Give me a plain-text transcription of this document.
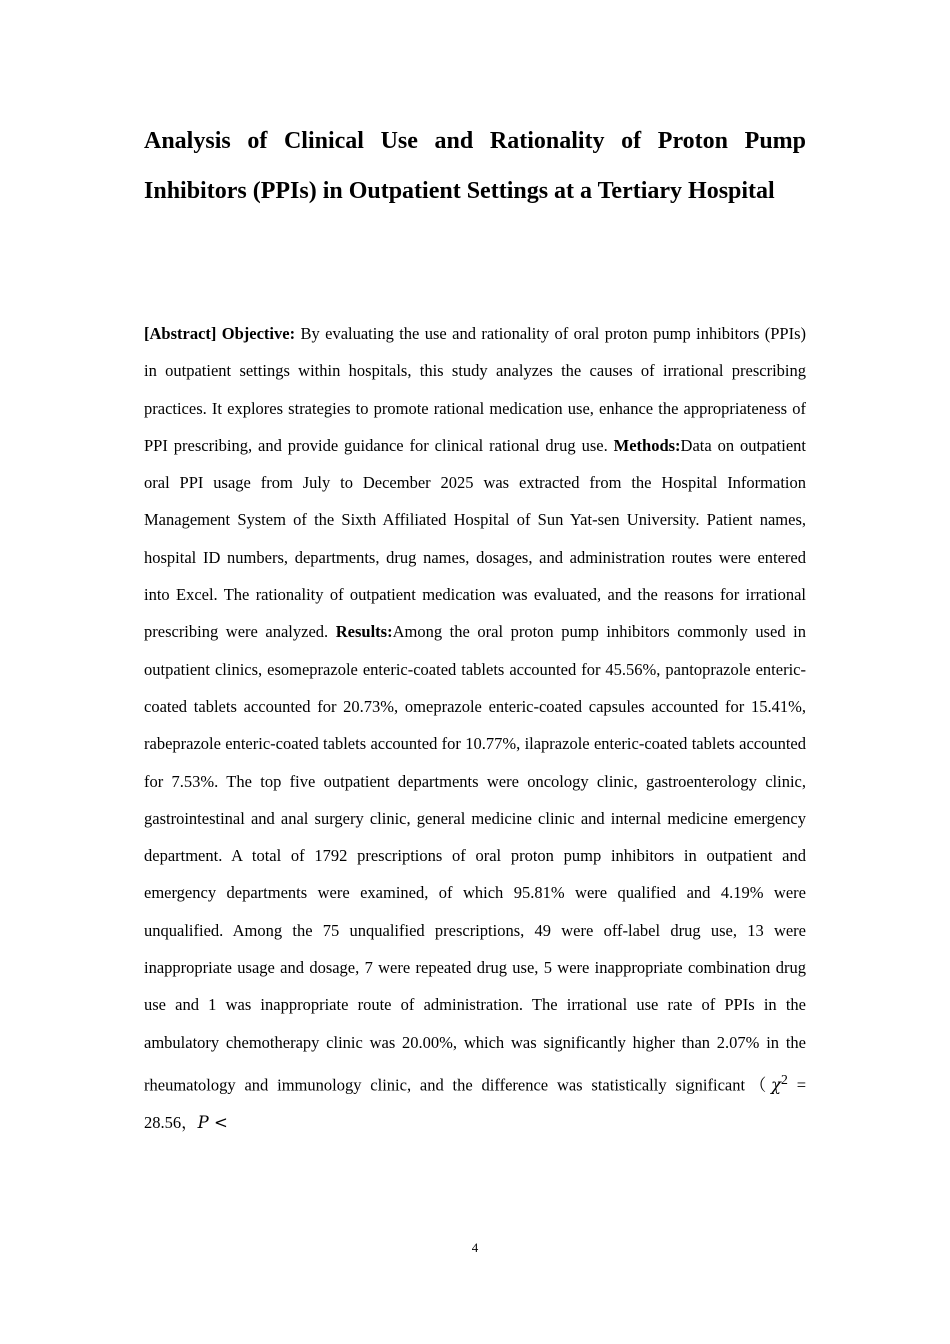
Analysis of Clinical Use and Rationality of Proton Pump Inhibitors (PPIs) in Outpatient Settings at a Tertiary Hospital

[Abstract] Objective: By evaluating the use and rationality of oral proton pump inhibitors (PPIs) in outpatient settings within hospitals, this study analyzes the causes of irrational prescribing practices. It explores strategies to promote rational medication use, enhance the appropriateness of PPI prescribing, and provide guidance for clinical rational drug use. Methods:Data on outpatient oral PPI usage from July to December 2025 was extracted from the Hospital Information Management System of the Sixth Affiliated Hospital of Sun Yat-sen University. Patient names, hospital ID numbers, departments, drug names, dosages, and administration routes were entered into Excel. The rationality of outpatient medication was evaluated, and the reasons for irrational prescribing were analyzed. Results:Among the oral proton pump inhibitors commonly used in outpatient clinics, esomeprazole enteric-coated tablets accounted for 45.56%, pantoprazole enteric-coated tablets accounted for 20.73%, omeprazole enteric-coated capsules accounted for 15.41%, rabeprazole enteric-coated tablets accounted for 10.77%, ilaprazole enteric-coated tablets accounted for 7.53%. The top five outpatient departments were oncology clinic, gastroenterology clinic, gastrointestinal and anal surgery clinic, general medicine clinic and internal medicine emergency department. A total of 1792 prescriptions of oral proton pump inhibitors in outpatient and emergency departments were examined, of which 95.81% were qualified and 4.19% were unqualified. Among the 75 unqualified prescriptions, 49 were off-label drug use, 13 were inappropriate usage and dosage, 7 were repeated drug use, 5 were inappropriate combination drug use and 1 was inappropriate route of administration. The irrational use rate of PPIs in the ambulatory chemotherapy clinic was 20.00%, which was significantly higher than 2.07% in the rheumatology and immunology clinic, and the difference was statistically $significant(\chi^2 = 28.56$，P <

4
